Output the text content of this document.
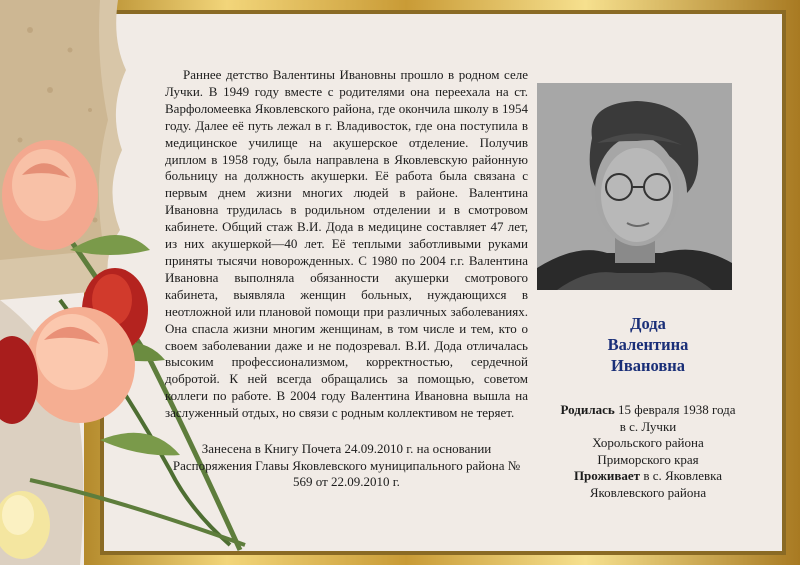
Раннее детство Валентины Ивановны прошло в родном селе Лучки. В 1949 году вместе с родителями она переехала на ст. Варфоломеевка Яковлевского района, где окончила школу в 1954 году. Далее её путь лежал в г. Владивосток, где она поступила в медицинское училище на акушерское отделение. Получив диплом в 1958 году, была направлена в Яковлевскую районную больницу на должность акушерки. Её работа была связана с первым днем жизни многих людей в районе. Валентина Ивановна трудилась в родильном отделении и в смотровом кабинете. Общий стаж В.И. Дода в медицине составляет 47 лет, из них акушеркой—40 лет. Её теплыми заботливыми руками приняты тысячи новорожденных. С 1980 по 2004 г.г. Валентина Ивановна выполняла обязанности акушерки смотрового кабинета, выявляла женщин больных, нуждающихся в неотложной или плановой помощи при различных заболеваниях. Она спасла жизни многим женщинам, в том числе и тем, кто о своем заболевании даже и не подозревал. В.И. Дода отличалась высоким профессионализмом, корректностью, сердечной добротой. К ней всегда обращались за помощью, советом коллеги по работе. В 2004 году Валентина Ивановна вышла на заслуженный отдых, но связи с родным коллективом не теряет.

Занесена в Книгу Почета 24.09.2010 г. на основании Распоряжения Главы Яковлевского муниципального района № 569 от 22.09.2010 г.

Дода
Валентина
Ивановна
Родилась 15 февраля 1938 года
в с. Лучки
Хорольского района
Приморского края
Проживает в с. Яковлевка
Яковлевского района
